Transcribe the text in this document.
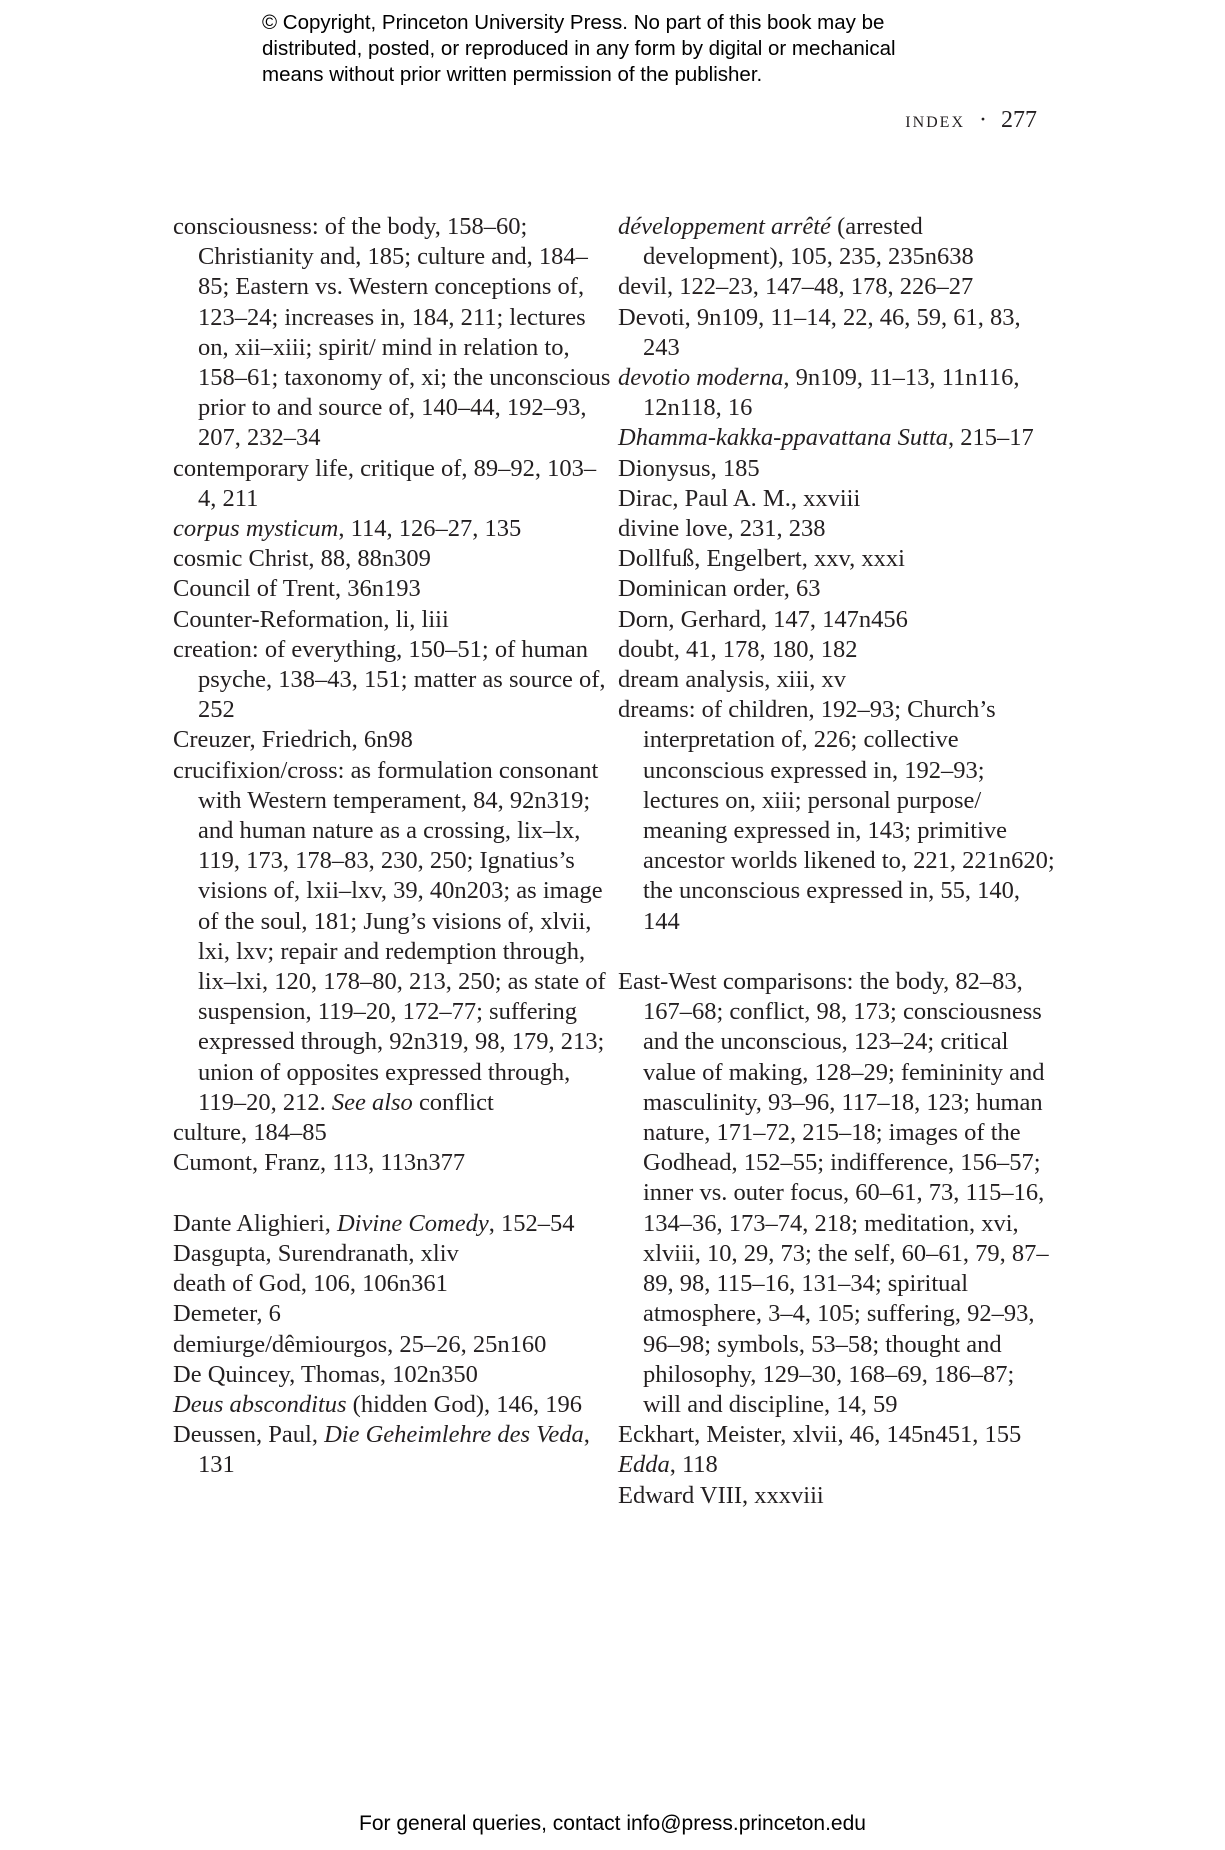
© Copyright, Princeton University Press. No part of this book may be
distributed, posted, or reproduced in any form by digital or mechanical
means without prior written permission of the publisher.
index · 277
consciousness: of the body, 158–60; Christianity and, 185; culture and, 184–85; Eastern vs. Western conceptions of, 123–24; increases in, 184, 211; lectures on, xii–xiii; spirit/ mind in relation to, 158–61; taxonomy of, xi; the unconscious prior to and source of, 140–44, 192–93, 207, 232–34
contemporary life, critique of, 89–92, 103–4, 211
corpus mysticum, 114, 126–27, 135
cosmic Christ, 88, 88n309
Council of Trent, 36n193
Counter-Reformation, li, liii
creation: of everything, 150–51; of human psyche, 138–43, 151; matter as source of, 252
Creuzer, Friedrich, 6n98
crucifixion/cross: as formulation consonant with Western temperament, 84, 92n319; and human nature as a crossing, lix–lx, 119, 173, 178–83, 230, 250; Ignatius’s visions of, lxii–lxv, 39, 40n203; as image of the soul, 181; Jung’s visions of, xlvii, lxi, lxv; repair and redemption through, lix–lxi, 120, 178–80, 213, 250; as state of suspension, 119–20, 172–77; suffering expressed through, 92n319, 98, 179, 213; union of opposites expressed through, 119–20, 212. See also conflict
culture, 184–85
Cumont, Franz, 113, 113n377
Dante Alighieri, Divine Comedy, 152–54
Dasgupta, Surendranath, xliv
death of God, 106, 106n361
Demeter, 6
demiurge/dêmiourgos, 25–26, 25n160
De Quincey, Thomas, 102n350
Deus absconditus (hidden God), 146, 196
Deussen, Paul, Die Geheimlehre des Veda, 131
développement arrêté (arrested development), 105, 235, 235n638
devil, 122–23, 147–48, 178, 226–27
Devoti, 9n109, 11–14, 22, 46, 59, 61, 83, 243
devotio moderna, 9n109, 11–13, 11n116, 12n118, 16
Dhamma-kakka-ppavattana Sutta, 215–17
Dionysus, 185
Dirac, Paul A. M., xxviii
divine love, 231, 238
Dollfuß, Engelbert, xxv, xxxi
Dominican order, 63
Dorn, Gerhard, 147, 147n456
doubt, 41, 178, 180, 182
dream analysis, xiii, xv
dreams: of children, 192–93; Church’s interpretation of, 226; collective unconscious expressed in, 192–93; lectures on, xiii; personal purpose/ meaning expressed in, 143; primitive ancestor worlds likened to, 221, 221n620; the unconscious expressed in, 55, 140, 144
East-West comparisons: the body, 82–83, 167–68; conflict, 98, 173; consciousness and the unconscious, 123–24; critical value of making, 128–29; femininity and masculinity, 93–96, 117–18, 123; human nature, 171–72, 215–18; images of the Godhead, 152–55; indifference, 156–57; inner vs. outer focus, 60–61, 73, 115–16, 134–36, 173–74, 218; meditation, xvi, xlviii, 10, 29, 73; the self, 60–61, 79, 87–89, 98, 115–16, 131–34; spiritual atmosphere, 3–4, 105; suffering, 92–93, 96–98; symbols, 53–58; thought and philosophy, 129–30, 168–69, 186–87; will and discipline, 14, 59
Eckhart, Meister, xlvii, 46, 145n451, 155
Edda, 118
Edward VIII, xxxviii
For general queries, contact info@press.princeton.edu
